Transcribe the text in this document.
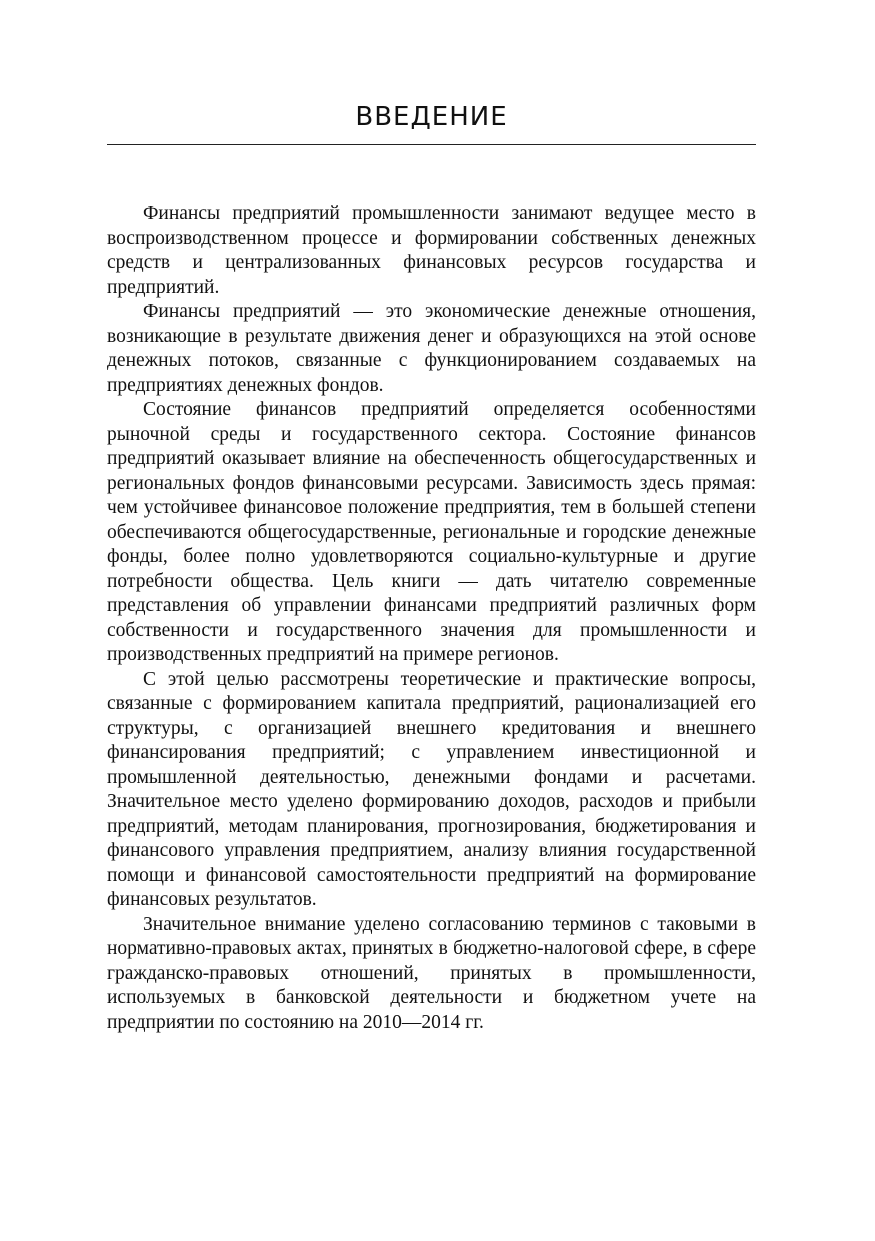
ВВЕДЕНИЕ

Финансы предприятий промышленности занимают ведущее место в воспроизводственном процессе и формировании собственных денежных средств и централизованных финансовых ресурсов государства и предприятий.

Финансы предприятий — это экономические денежные отношения, возникающие в результате движения денег и образующихся на этой основе денежных потоков, связанные с функционированием создаваемых на предприятиях денежных фондов.

Состояние финансов предприятий определяется особенностями рыночной среды и государственного сектора. Состояние финансов предприятий оказывает влияние на обеспеченность общегосударственных и региональных фондов финансовыми ресурсами. Зависимость здесь прямая: чем устойчивее финансовое положение предприятия, тем в большей степени обеспечиваются общегосударственные, региональные и городские денежные фонды, более полно удовлетворяются социально-культурные и другие потребности общества. Цель книги — дать читателю современные представления об управлении финансами предприятий различных форм собственности и государственного значения для промышленности и производственных предприятий на примере регионов.

С этой целью рассмотрены теоретические и практические вопросы, связанные с формированием капитала предприятий, рационализацией его структуры, с организацией внешнего кредитования и внешнего финансирования предприятий; с управлением инвестиционной и промышленной деятельностью, денежными фондами и расчетами. Значительное место уделено формированию доходов, расходов и прибыли предприятий, методам планирования, прогнозирования, бюджетирования и финансового управления предприятием, анализу влияния государственной помощи и финансовой самостоятельности предприятий на формирование финансовых результатов.

Значительное внимание уделено согласованию терминов с таковыми в нормативно-правовых актах, принятых в бюджетно-налоговой сфере, в сфере гражданско-правовых отношений, принятых в промышленности, используемых в банковской деятельности и бюджетном учете на предприятии по состоянию на 2010—2014 гг.
